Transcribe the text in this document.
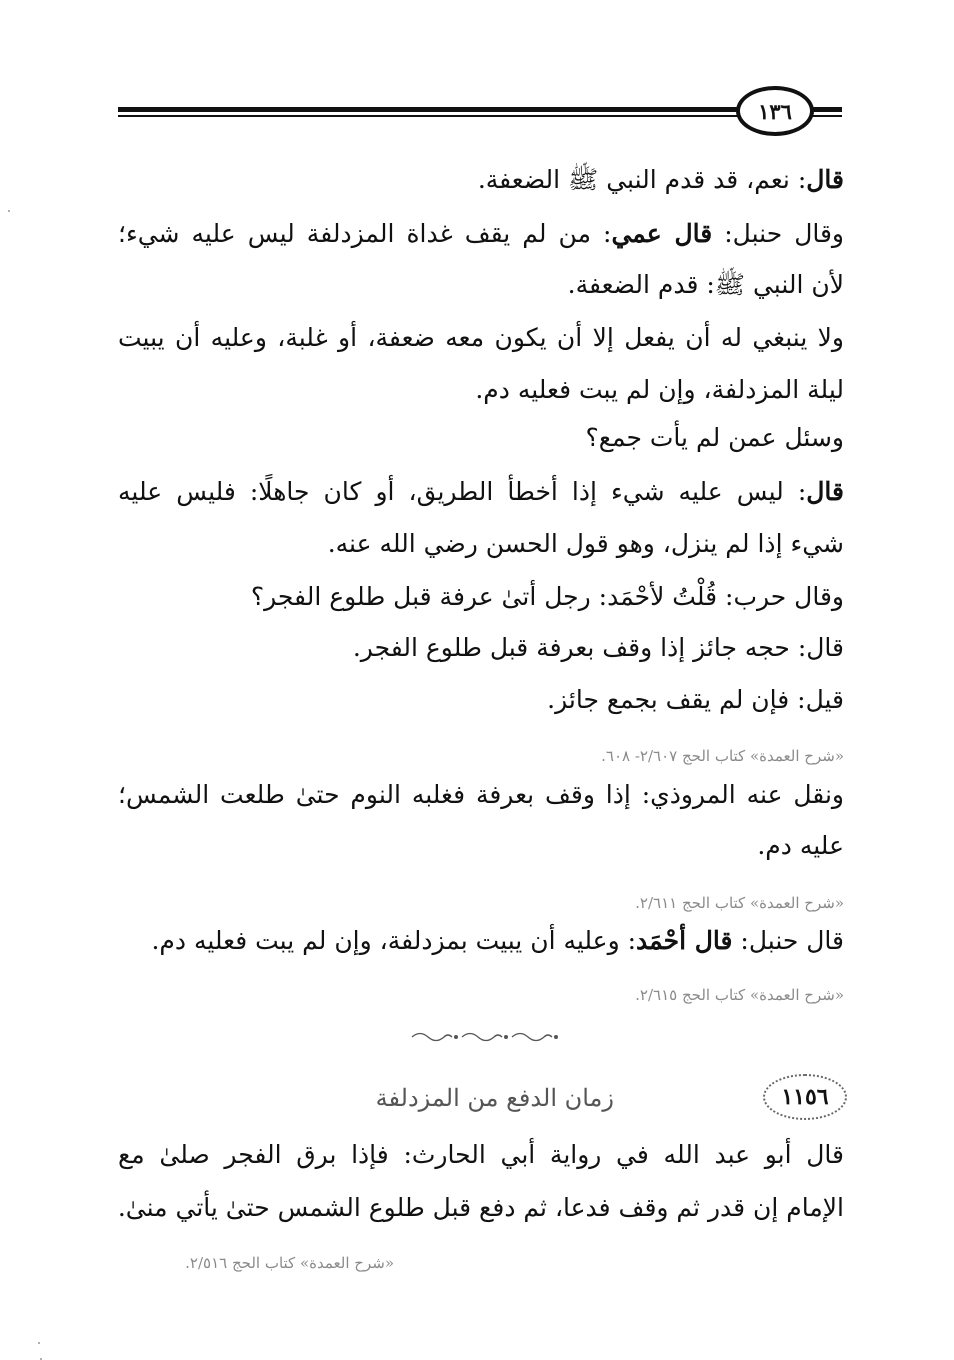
١٣٦
قال: نعم، قد قدم النبي ﷺ الضعفة.
وقال حنبل: قال عمي: من لم يقف غداة المزدلفة ليس عليه شيء؛
لأن النبي ﷺ: قدم الضعفة.
ولا ينبغي له أن يفعل إلا أن يكون معه ضعفة، أو غلبة، وعليه أن يبيت
ليلة المزدلفة، وإن لم يبت فعليه دم.
وسئل عمن لم يأت جمع؟
قال: ليس عليه شيء إذا أخطأ الطريق، أو كان جاهلًا: فليس عليه
شيء إذا لم ينزل، وهو قول الحسن رضي الله عنه.
وقال حرب: قُلْتُ لأحْمَد: رجل أتىٰ عرفة قبل طلوع الفجر؟
قال: حجه جائز إذا وقف بعرفة قبل طلوع الفجر.
قيل: فإن لم يقف بجمع جائز.
«شرح العمدة» كتاب الحج ٢/٦٠٧- ٦٠٨.
ونقل عنه المروذي: إذا وقف بعرفة فغلبه النوم حتىٰ طلعت الشمس؛
عليه دم.
«شرح العمدة» كتاب الحج ٢/٦١١.
قال حنبل: قال أحْمَد: وعليه أن يبيت بمزدلفة، وإن لم يبت فعليه دم.
«شرح العمدة» كتاب الحج ٢/٦١٥.
١١٥٦
زمان الدفع من المزدلفة
قال أبو عبد الله في رواية أبي الحارث: فإذا برق الفجر صلىٰ مع
الإمام إن قدر ثم وقف فدعا، ثم دفع قبل طلوع الشمس حتىٰ يأتي منىٰ.
«شرح العمدة» كتاب الحج ٢/٥١٦.
